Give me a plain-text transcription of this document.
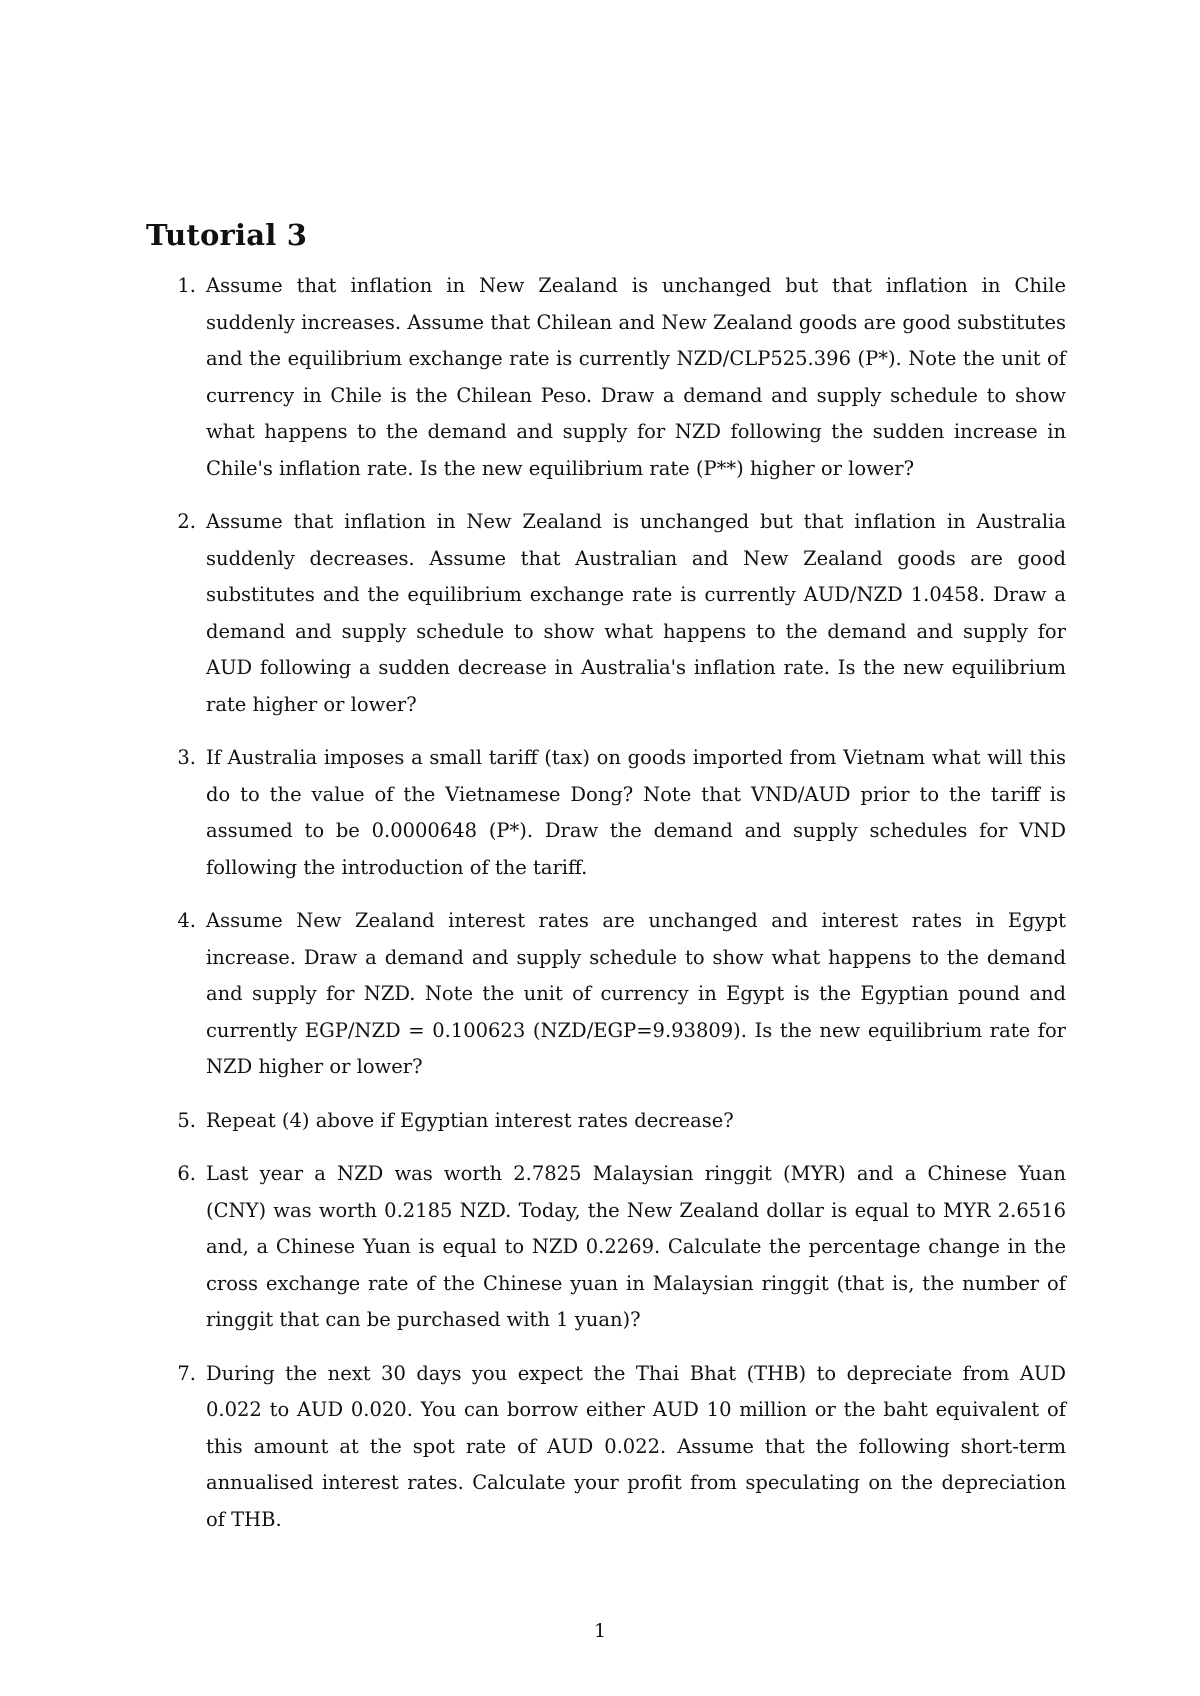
Tutorial 3
1. Assume that inflation in New Zealand is unchanged but that inflation in Chile suddenly increases. Assume that Chilean and New Zealand goods are good substitutes and the equilibrium exchange rate is currently NZD/CLP525.396 (P*). Note the unit of currency in Chile is the Chilean Peso. Draw a demand and supply schedule to show what happens to the demand and supply for NZD following the sudden increase in Chile's inflation rate. Is the new equilibrium rate (P**) higher or lower?
2. Assume that inflation in New Zealand is unchanged but that inflation in Australia suddenly decreases. Assume that Australian and New Zealand goods are good substitutes and the equilibrium exchange rate is currently AUD/NZD 1.0458. Draw a demand and supply schedule to show what happens to the demand and supply for AUD following a sudden decrease in Australia's inflation rate. Is the new equilibrium rate higher or lower?
3. If Australia imposes a small tariff (tax) on goods imported from Vietnam what will this do to the value of the Vietnamese Dong? Note that VND/AUD prior to the tariff is assumed to be 0.0000648 (P*). Draw the demand and supply schedules for VND following the introduction of the tariff.
4. Assume New Zealand interest rates are unchanged and interest rates in Egypt increase. Draw a demand and supply schedule to show what happens to the demand and supply for NZD. Note the unit of currency in Egypt is the Egyptian pound and currently EGP/NZD = 0.100623 (NZD/EGP=9.93809). Is the new equilibrium rate for NZD higher or lower?
5. Repeat (4) above if Egyptian interest rates decrease?
6. Last year a NZD was worth 2.7825 Malaysian ringgit (MYR) and a Chinese Yuan (CNY) was worth 0.2185 NZD. Today, the New Zealand dollar is equal to MYR 2.6516 and, a Chinese Yuan is equal to NZD 0.2269. Calculate the percentage change in the cross exchange rate of the Chinese yuan in Malaysian ringgit (that is, the number of ringgit that can be purchased with 1 yuan)?
7. During the next 30 days you expect the Thai Bhat (THB) to depreciate from AUD 0.022 to AUD 0.020. You can borrow either AUD 10 million or the baht equivalent of this amount at the spot rate of AUD 0.022. Assume that the following short-term annualised interest rates. Calculate your profit from speculating on the depreciation of THB.
1
